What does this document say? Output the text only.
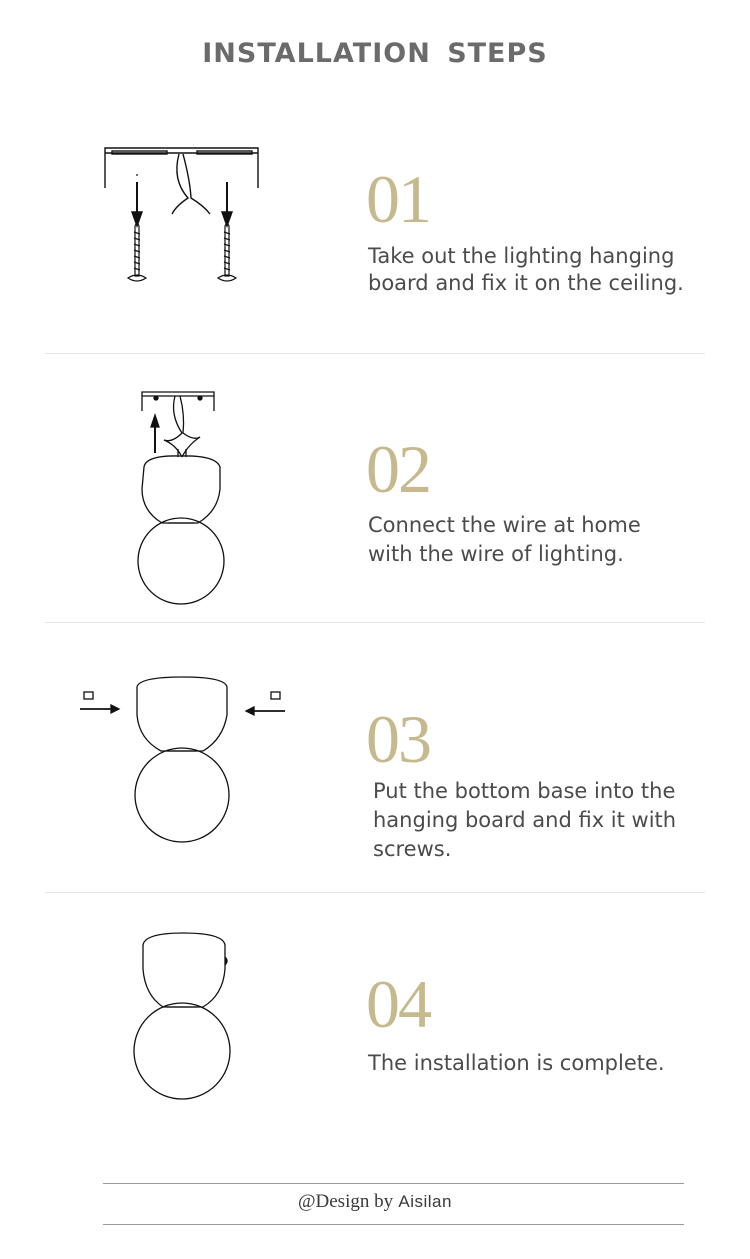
INSTALLATION STEPS
01
Take out the lighting hanging
board and fix it on the ceiling.
02
Connect the wire at home
with the wire of lighting.
03
Put the bottom base into the
hanging board and fix it with
screws.
04
The installation is complete.
@Design by Aisilan
